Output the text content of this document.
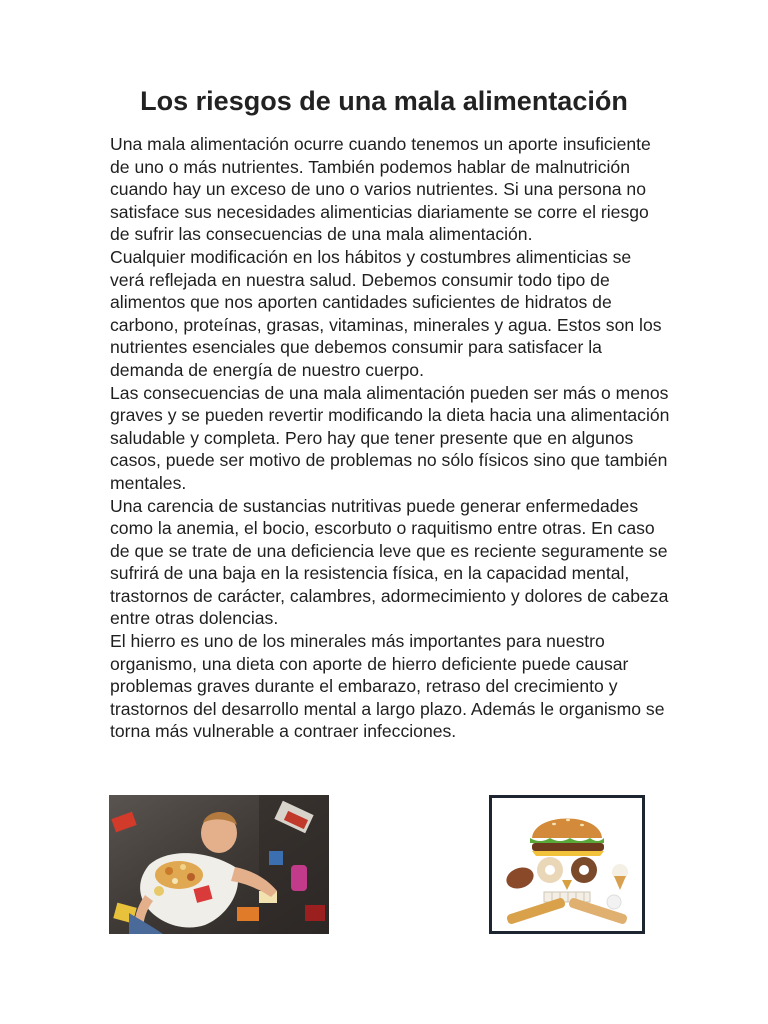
Los riesgos de una mala alimentación

Una mala alimentación ocurre cuando tenemos un aporte insuficiente de uno o más nutrientes. También podemos hablar de malnutrición cuando hay un exceso de uno o varios nutrientes. Si una persona no satisface sus necesidades alimenticias diariamente se corre el riesgo de sufrir las consecuencias de una mala alimentación.

Cualquier modificación en los hábitos y costumbres alimenticias se verá reflejada en nuestra salud. Debemos consumir todo tipo de alimentos que nos aporten cantidades suficientes de hidratos de carbono, proteínas, grasas, vitaminas, minerales y agua. Estos son los nutrientes esenciales que debemos consumir para satisfacer la demanda de energía de nuestro cuerpo.

Las consecuencias de una mala alimentación pueden ser más o menos graves y se pueden revertir modificando la dieta hacia una alimentación saludable y completa. Pero hay que tener presente que en algunos casos, puede ser motivo de problemas no sólo físicos sino que también mentales.

Una carencia de sustancias nutritivas puede generar enfermedades como la anemia, el bocio, escorbuto o raquitismo entre otras. En caso de que se trate de una deficiencia leve que es reciente seguramente se sufrirá de una baja en la resistencia física, en la capacidad mental, trastornos de carácter, calambres, adormecimiento y dolores de cabeza entre otras dolencias.

El hierro es uno de los minerales más importantes para nuestro organismo, una dieta con aporte de hierro deficiente puede causar problemas graves durante el embarazo, retraso del crecimiento y trastornos del desarrollo mental a largo plazo. Además le organismo se torna más vulnerable a contraer infecciones.
